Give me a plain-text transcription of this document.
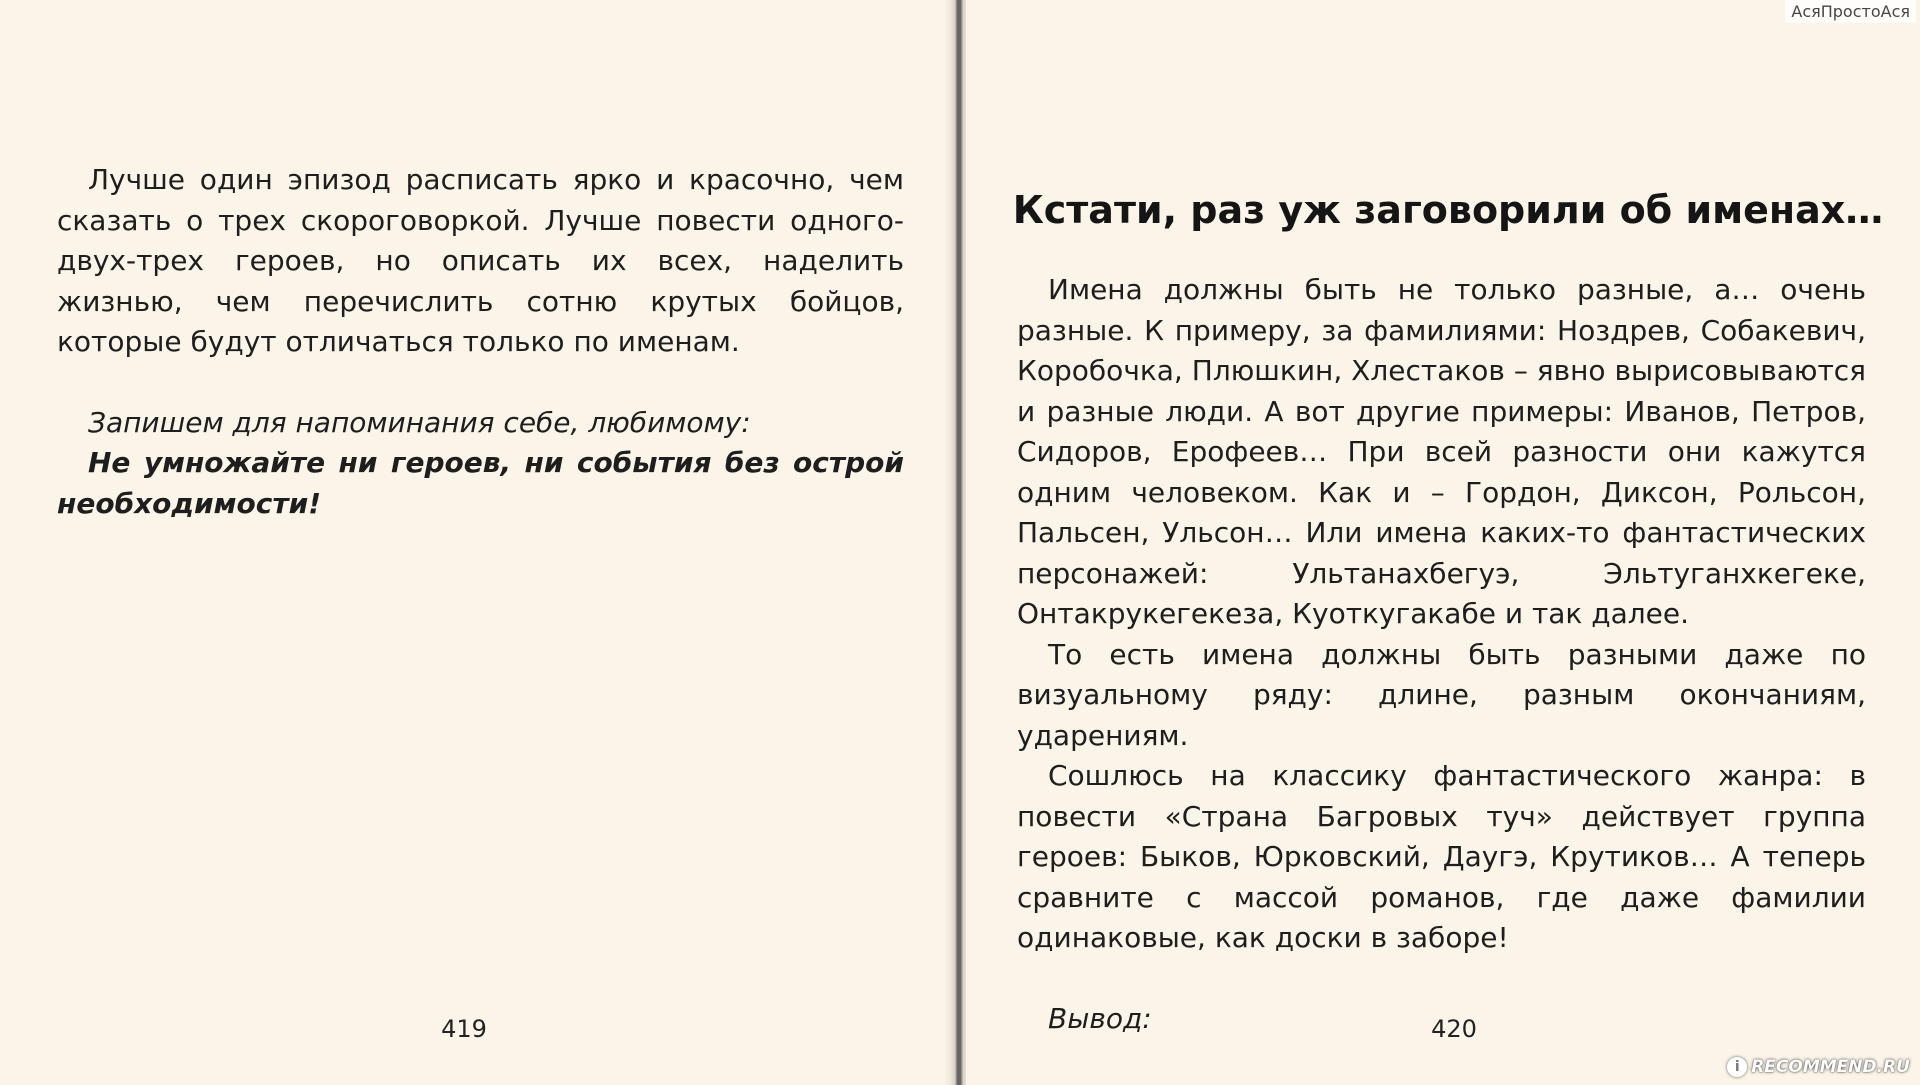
Лучше один эпизод расписать ярко и красочно, чем сказать о трех скороговоркой. Лучше повести одного-двух-трех героев, но описать их всех, наделить жизнью, чем перечислить сотню крутых бойцов, которые будут отличаться только по именам.

Запишем для напоминания себе, любимому:

Не умножайте ни героев, ни события без острой необходимости!

419
Кстати, раз уж заговорили об именах…

Имена должны быть не только разные, а… очень разные. К примеру, за фамилиями: Ноздрев, Собакевич, Коробочка, Плюшкин, Хлестаков – явно вырисовываются и разные люди. А вот другие примеры: Иванов, Петров, Сидоров, Ерофеев… При всей разности они кажутся одним человеком. Как и – Гордон, Диксон, Рольсон, Пальсен, Ульсон… Или имена каких-то фантастических персонажей: Ультанахбегуэ, Эльтуганхкегеке, Онтакрукегекеза, Куоткугакабе и так далее.

То есть имена должны быть разными даже по визуальному ряду: длине, разным окончаниям, ударениям.

Сошлюсь на классику фантастического жанра: в повести «Страна Багровых туч» действует группа героев: Быков, Юрковский, Даугэ, Крутиков… А теперь сравните с массой романов, где даже фамилии одинаковые, как доски в заборе!

Вывод:	420
АсяПростоАся
i RECOMMEND.RU
